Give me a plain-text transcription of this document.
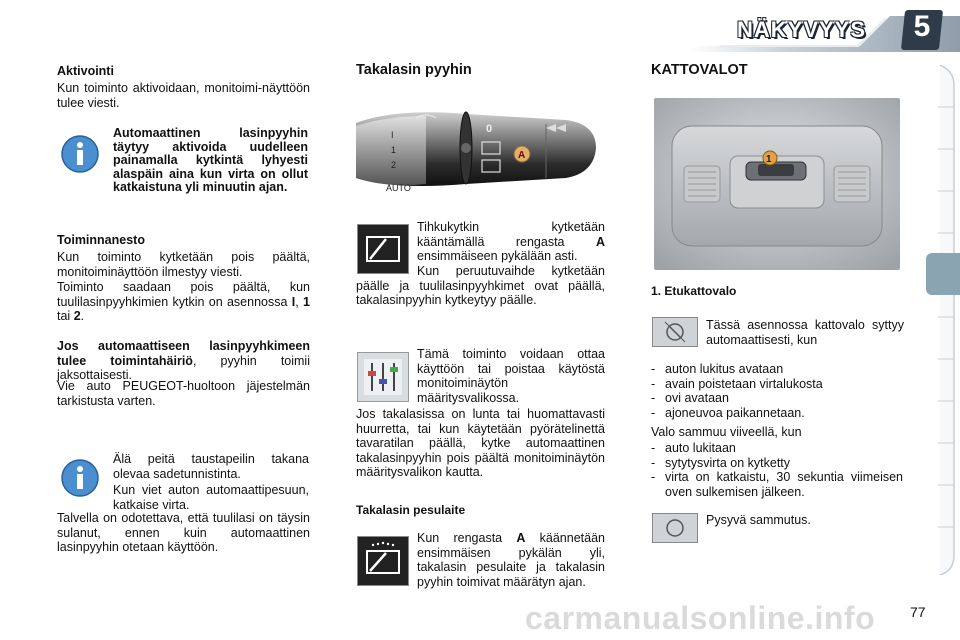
NÄKYVYYS 5
Aktivointi

Kun toiminto aktivoidaan, monitoimi-näyttöön tulee viesti.

Automaattinen lasinpyyhin täytyy aktivoida uudelleen painamalla kytkintä lyhyesti alaspäin aina kun virta on ollut katkaistuna yli minuutin ajan.

Toiminnanesto

Kun toiminto kytketään pois päältä, monitoiminäyttöön ilmestyy viesti.

Toiminto saadaan pois päältä, kun tuulilasinpyyhkimien kytkin on asennossa I, 1 tai 2.

Jos automaattiseen lasinpyyhkimeen tulee toimintahäiriö, pyyhin toimii jaksottaisesti.

Vie auto PEUGEOT-huoltoon jäjestelmän tarkistusta varten.

Älä peitä taustapeilin takana olevaa sadetunnistinta.

Kun viet auton automaattipesuun, katkaise virta.

Talvella on odotettava, että tuulilasi on täysin sulanut, ennen kuin automaattinen lasinpyyhin otetaan käyttöön.

Takalasin pyyhin
AUTO
I
1
2
0
A

Tihkukytkin kytketään kääntämällä rengasta A ensimmäiseen pykälään asti.

Kun peruutuvaihde kytketään päälle ja tuulilasinpyyhkimet ovat päällä, takalasinpyyhin kytkeytyy päälle.

Tämä toiminto voidaan ottaa käyttöön tai poistaa käytöstä monitoiminäytön määritysvalikossa.

Jos takalasissa on lunta tai huomattavasti huurretta, tai kun käytetään pyörätelinettä tavaratilan päällä, kytke automaattinen takalasinpyyhin pois päältä monitoiminäytön määritysvalikon kautta.

Takalasin pesulaite

Kun rengasta A käännetään ensimmäisen pykälän yli, takalasin pesulaite ja takalasin pyyhin toimivat määrätyn ajan.

KATTOVALOT
1
1. Etukattovalo

Tässä asennossa kattovalo syttyy automaattisesti, kun

- auton lukitus avataan
- avain poistetaan virtalukosta
- ovi avataan
- ajoneuvoa paikannetaan.

Valo sammuu viiveellä, kun

- auto lukitaan
- sytytysvirta on kytketty
- virta on katkaistu, 30 sekuntia viimeisen oven sulkemisen jälkeen.

Pysyvä sammutus.

77
carmanualsonline.info
